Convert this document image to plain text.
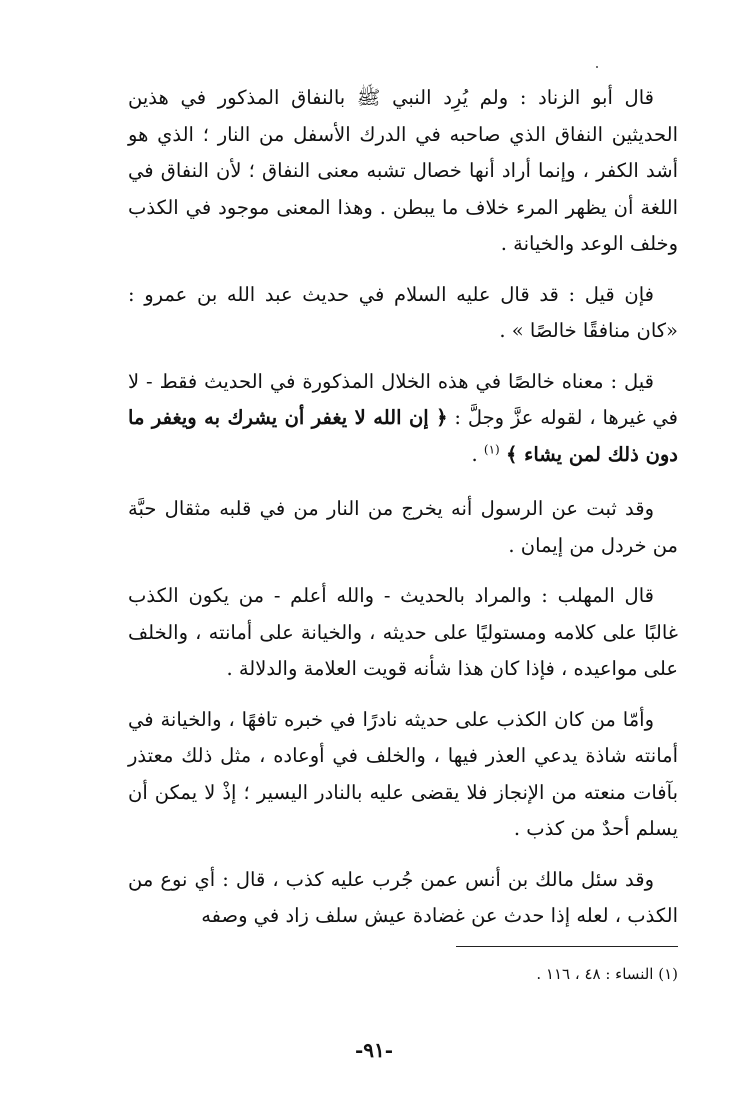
قال أبو الزناد : ولم يُرِد النبي ﷺ بالنفاق المذكور في هذين الحديثين النفاق الذي صاحبه في الدرك الأسفل من النار ؛ الذي هو أشد الكفر ، وإنما أراد أنها خصال تشبه معنى النفاق ؛ لأن النفاق في اللغة أن يظهر المرء خلاف ما يبطن . وهذا المعنى موجود في الكذب وخلف الوعد والخيانة .

فإن قيل : قد قال عليه السلام في حديث عبد الله بن عمرو : «كان منافقًا خالصًا » .

قيل : معناه خالصًا في هذه الخلال المذكورة في الحديث فقط - لا في غيرها ، لقوله عزَّ وجلَّ : ﴿ إن الله لا يغفر أن يشرك به ويغفر ما دون ذلك لمن يشاء ﴾ $^{(١)}$ .

وقد ثبت عن الرسول أنه يخرج من النار من في قلبه مثقال حبَّة من خردل من إيمان .

قال المهلب : والمراد بالحديث - والله أعلم - من يكون الكذب غالبًا على كلامه ومستوليًا على حديثه ، والخيانة على أمانته ، والخلف على مواعيده ، فإذا كان هذا شأنه قويت العلامة والدلالة .

وأمّا من كان الكذب على حديثه نادرًا في خبره تافهًا ، والخيانة في أمانته شاذة يدعي العذر فيها ، والخلف في أوعاده ، مثل ذلك معتذر بآفات منعته من الإنجاز فلا يقضى عليه بالنادر اليسير ؛ إذْ لا يمكن أن يسلم أحدٌ من كذب .

وقد سئل مالك بن أنس عمن جُرب عليه كذب ، قال : أي نوع من الكذب ، لعله إذا حدث عن غضادة عيش سلف زاد في وصفه

(١) النساء : ٤٨ ، ١١٦ .
-٩١-
